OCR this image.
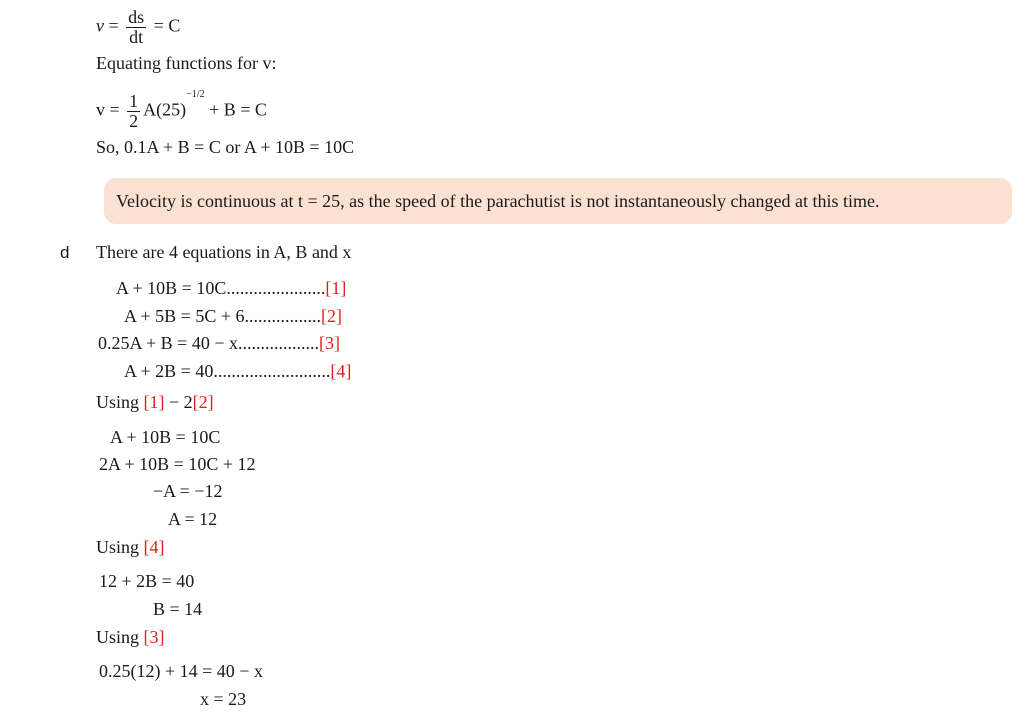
$v = \frac{ds}{dt} = C$
Equating functions for v:
$v = \frac{1}{2} A(25)^{-1/2} + B = C$
So, 0.1A + B = C or A + 10B = 10C
Velocity is continuous at t = 25, as the speed of the parachutist is not instantaneously changed at this time.
d There are 4 equations in A, B and x
A + 10B = 10C......................[1]
A + 5B = 5C + 6.................[2]
0.25A + B = 40 − x..................[3]
A + 2B = 40..........................[4]
Using [1] − 2[2]
A + 10B = 10C
2A + 10B = 10C + 12
−A = −12
A = 12
Using [4]
12 + 2B = 40
B = 14
Using [3]
0.25(12) + 14 = 40 − x
x = 23
